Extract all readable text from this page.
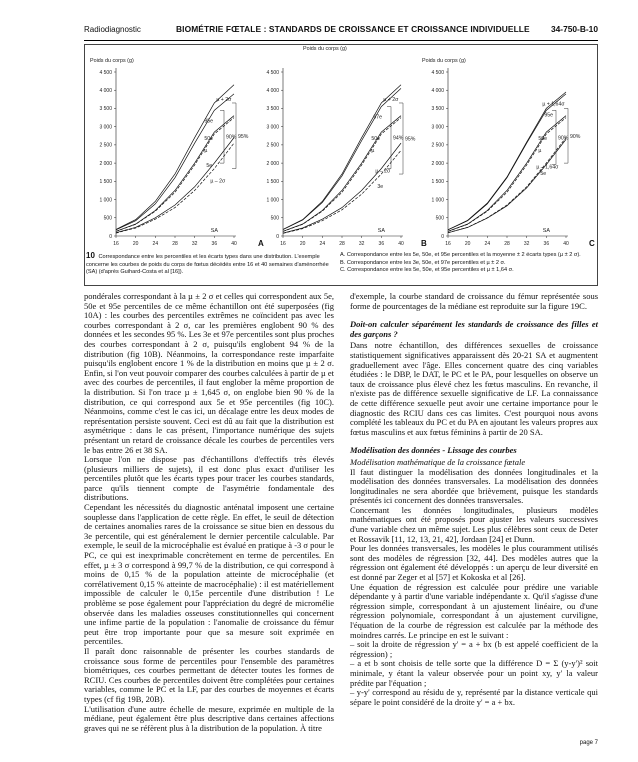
Radiodiagnostic	BIOMÉTRIE FŒTALE : STANDARDS DE CROISSANCE ET CROISSANCE INDIVIDUELLE	34-750-B-10
Poids du corps (g)
0
500
1 000
1 500
2 000
2 500
3 000
3 500
4 000
4 500
16	20	24	28	32	36	40
SA
µ + 2σ
95e
50e
µ
5e
µ – 2σ
90% 95%
Poids du corps (g)
0
500
1 000
1 500
2 000
2 500
3 000
3 500
4 000
4 500
16	20	24	28	32	36	40
SA
µ + 2σ
97e
50e
µ
µ – 2σ
3e
94% 95%
Poids du corps (g)
0
500
1 000
1 500
2 000
2 500
3 000
3 500
4 000
4 500
16	20	24	28	32	36	40
SA
µ + 1,64σ
95e
50e
µ
µ – 1,64σ
5e
90% 90%
A	B	C
10 Correspondance entre les percentiles et les écarts types dans une distribution. L'exemple concerne les courbes de poids du corps de fœtus décédés entre 16 et 40 semaines d'aménorrhée (SA) (d'après Guihard-Costa et al [16]).
A. Correspondance entre les 5e, 50e, et 95e percentiles et la moyenne ± 2 écarts types (µ ± 2 σ).
B. Correspondance entre les 3e, 50e, et 97e percentiles et µ ± 2 σ.
C. Correspondance entre les 5e, 50e, et 95e percentiles et µ ± 1,64 σ.

pondérales correspondant à la µ ± 2 σ et celles qui correspondent aux 5e, 50e et 95e percentiles de ce même échantillon ont été superposées (fig 10A) : les courbes des percentiles extrêmes ne coïncident pas avec les courbes correspondant à 2 σ, car les premières englobent 90 % des données et les secondes 95 %. Les 3e et 97e percentiles sont plus proches des courbes correspondant à 2 σ, puisqu'ils englobent 94 % de la distribution (fig 10B). Néanmoins, la correspondance reste imparfaite puisqu'ils englobent encore 1 % de la distribution en moins que µ ± 2 σ. Enfin, si l'on veut pouvoir comparer des courbes calculées à partir de µ et avec des courbes de percentiles, il faut englober la même proportion de la distribution. Si l'on trace µ ± 1,645 σ, on englobe bien 90 % de la distribution, ce qui correspond aux 5e et 95e percentiles (fig 10C). Néanmoins, comme c'est le cas ici, un décalage entre les deux modes de représentation persiste souvent. Ceci est dû au fait que la distribution est asymétrique : dans le cas présent, l'importance numérique des sujets présentant un retard de croissance décale les courbes de percentiles vers le bas entre 26 et 38 SA.

Lorsque l'on ne dispose pas d'échantillons d'effectifs très élevés (plusieurs milliers de sujets), il est donc plus exact d'utiliser les percentiles plutôt que les écarts types pour tracer les courbes standards, parce qu'ils tiennent compte de l'asymétrie fondamentale des distributions.

Cependant les nécessités du diagnostic anténatal imposent une certaine souplesse dans l'application de cette règle. En effet, le seuil de détection de certaines anomalies rares de la croissance se situe bien en dessous du 3e percentile, qui est généralement le dernier percentile calculable. Par exemple, le seuil de la microcéphalie est évalué en pratique à -3 σ pour le PC, ce qui est inexprimable concrètement en terme de percentiles. En effet, µ ± 3 σ correspond à 99,7 % de la distribution, ce qui correspond à moins de 0,15 % de la population atteinte de microcéphalie (et corrélativement 0,15 % atteinte de macrocéphalie) : il est matériellement impossible de calculer le 0,15e percentile d'une distribution ! Le problème se pose également pour l'appréciation du degré de micromélie observée dans les maladies osseuses constitutionnelles qui concernent une infime partie de la population : l'anomalie de croissance du fémur peut être trop importante pour que sa mesure soit exprimée en percentiles.

Il paraît donc raisonnable de présenter les courbes standards de croissance sous forme de percentiles pour l'ensemble des paramètres biométriques, ces courbes permettant de détecter toutes les formes de RCIU. Ces courbes de percentiles doivent être complétées pour certaines variables, comme le PC et la LF, par des courbes de moyennes et écarts types (cf fig 19B, 20B).

L'utilisation d'une autre échelle de mesure, exprimée en multiple de la médiane, peut également être plus descriptive dans certaines affections graves qui ne se réfèrent plus à la distribution de la population. À titre

d'exemple, la courbe standard de croissance du fémur représentée sous forme de pourcentages de la médiane est reproduite sur la figure 19C.

Doit-on calculer séparément les standards de croissance des filles et des garçons ?

Dans notre échantillon, des différences sexuelles de croissance statistiquement significatives apparaissent dès 20-21 SA et augmentent graduellement avec l'âge. Elles concernent quatre des cinq variables étudiées : le DBP, le DAT, le PC et le PA, pour lesquelles on observe un taux de croissance plus élevé chez les fœtus masculins. En revanche, il n'existe pas de différence sexuelle significative de LF. La connaissance de cette différence sexuelle peut avoir une certaine importance pour le diagnostic des RCIU dans ces cas limites. C'est pourquoi nous avons complété les tableaux du PC et du PA en ajoutant les valeurs propres aux fœtus masculins et aux fœtus féminins à partir de 20 SA.

Modélisation des données - Lissage des courbes
Modélisation mathématique de la croissance fœtale

Il faut distinguer la modélisation des données longitudinales et la modélisation des données transversales. La modélisation des données longitudinales ne sera abordée que brièvement, puisque les standards présentés ici concernent des données transversales.

Concernant les données longitudinales, plusieurs modèles mathématiques ont été proposés pour ajuster les valeurs successives d'une variable chez un même sujet. Les plus célèbres sont ceux de Deter et Rossavik [11, 12, 13, 21, 42], Jordaan [24] et Dunn.

Pour les données transversales, les modèles le plus couramment utilisés sont des modèles de régression [32, 44]. Des modèles autres que la régression ont également été développés : un aperçu de leur diversité en est donné par Zeger et al [57] et Kokoska et al [26].

Une équation de régression est calculée pour prédire une variable dépendante y à partir d'une variable indépendante x. Qu'il s'agisse d'une régression simple, correspondant à un ajustement linéaire, ou d'une régression polynomiale, correspondant à un ajustement curviligne, l'équation de la courbe de régression est calculée par la méthode des moindres carrés. Le principe en est le suivant :

– soit la droite de régression y' = a + bx (b est appelé coefficient de la régression) ;

– a et b sont choisis de telle sorte que la différence D = Σ (y-y')² soit minimale, y étant la valeur observée pour un point xy, y' la valeur prédite par l'équation ;

– y-y' correspond au résidu de y, représenté par la distance verticale qui sépare le point considéré de la droite y' = a + bx.

page 7
